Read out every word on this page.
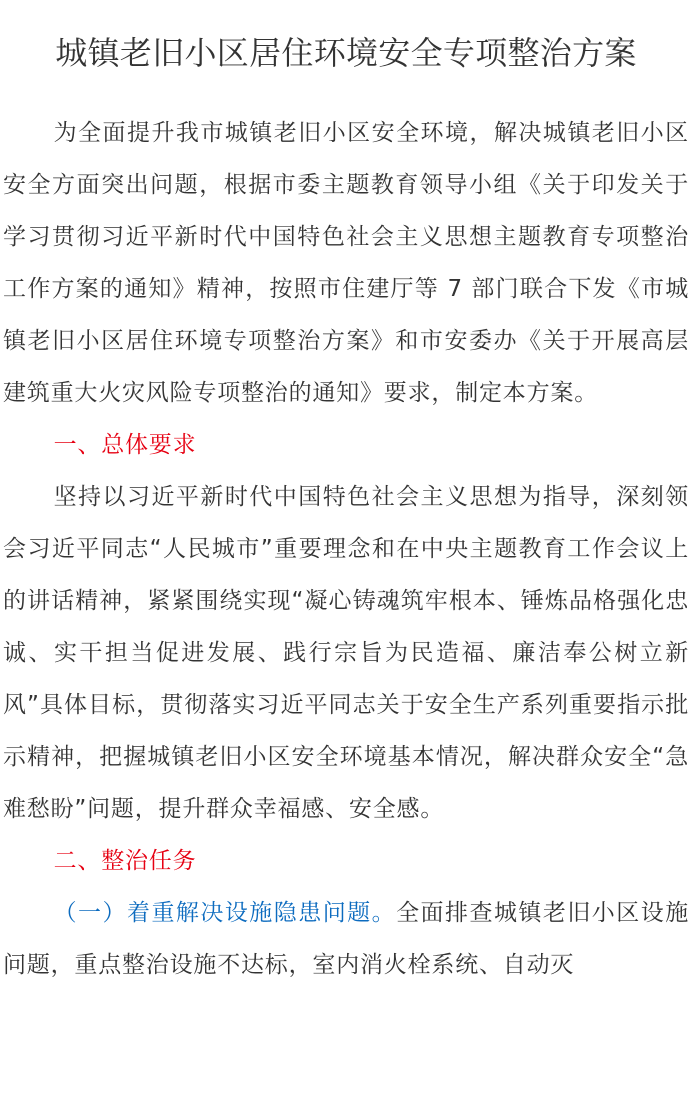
城镇老旧小区居住环境安全专项整治方案

为全面提升我市城镇老旧小区安全环境，解决城镇老旧小区安全方面突出问题，根据市委主题教育领导小组《关于印发关于学习贯彻习近平新时代中国特色社会主义思想主题教育专项整治工作方案的通知》精神，按照市住建厅等 7 部门联合下发《市城镇老旧小区居住环境专项整治方案》和市安委办《关于开展高层建筑重大火灾风险专项整治的通知》要求，制定本方案。

一、总体要求

坚持以习近平新时代中国特色社会主义思想为指导，深刻领会习近平同志“人民城市”重要理念和在中央主题教育工作会议上的讲话精神，紧紧围绕实现“凝心铸魂筑牢根本、锤炼品格强化忠诚、实干担当促进发展、践行宗旨为民造福、廉洁奉公树立新风”具体目标，贯彻落实习近平同志关于安全生产系列重要指示批示精神，把握城镇老旧小区安全环境基本情况，解决群众安全“急难愁盼”问题，提升群众幸福感、安全感。

二、整治任务

（一）着重解决设施隐患问题。全面排查城镇老旧小区设施问题，重点整治设施不达标，室内消火栓系统、自动灭
